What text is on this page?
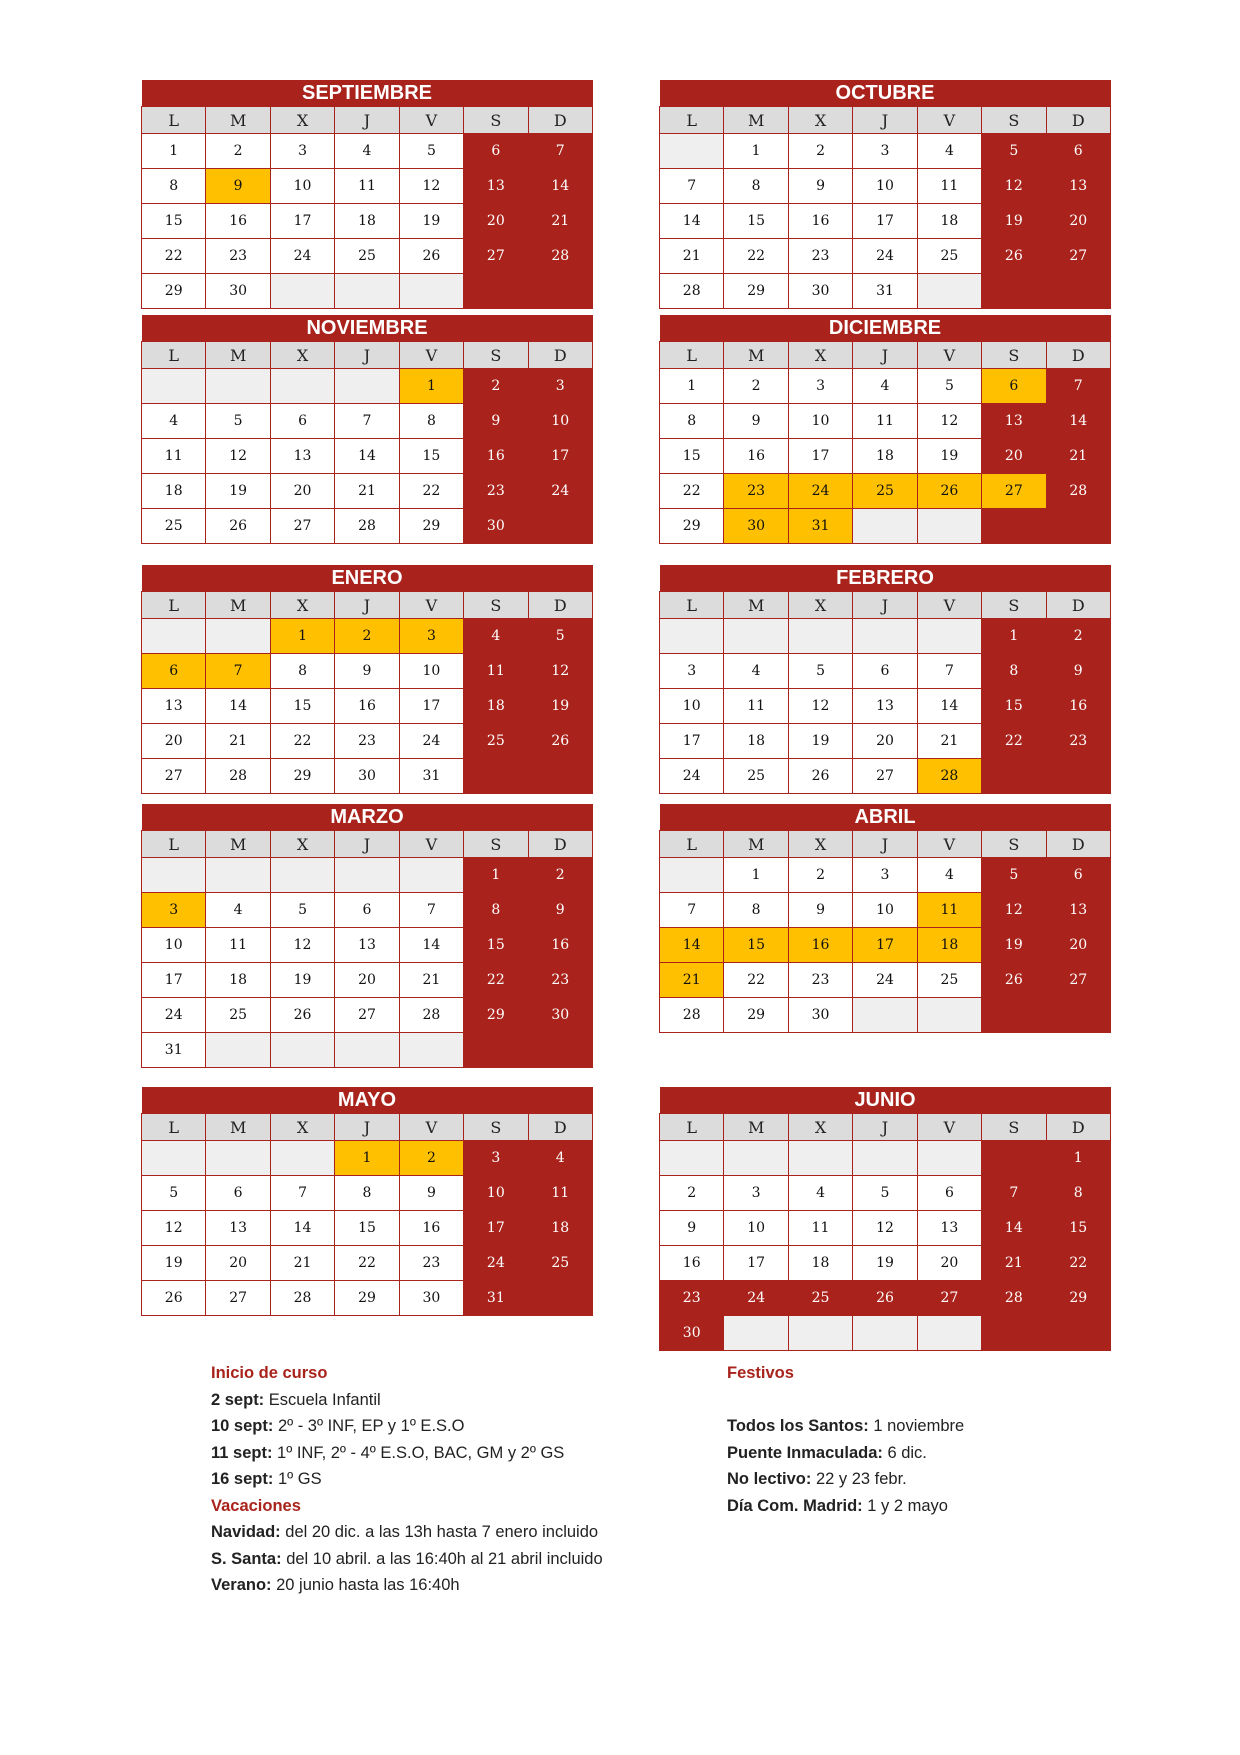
SEPTIEMBRE						
L	M	X	J	V	S	D
1	2	3	4	5	6	7
8	9	10	11	12	13	14
15	16	17	18	19	20	21
22	23	24	25	26	27	28
29	30					
OCTUBRE						
L	M	X	J	V	S	D
	1	2	3	4	5	6
7	8	9	10	11	12	13
14	15	16	17	18	19	20
21	22	23	24	25	26	27
28	29	30	31			
NOVIEMBRE						
L	M	X	J	V	S	D
				1	2	3
4	5	6	7	8	9	10
11	12	13	14	15	16	17
18	19	20	21	22	23	24
25	26	27	28	29	30	
DICIEMBRE						
L	M	X	J	V	S	D
1	2	3	4	5	6	7
8	9	10	11	12	13	14
15	16	17	18	19	20	21
22	23	24	25	26	27	28
29	30	31				
ENERO						
L	M	X	J	V	S	D
		1	2	3	4	5
6	7	8	9	10	11	12
13	14	15	16	17	18	19
20	21	22	23	24	25	26
27	28	29	30	31		
FEBRERO						
L	M	X	J	V	S	D
					1	2
3	4	5	6	7	8	9
10	11	12	13	14	15	16
17	18	19	20	21	22	23
24	25	26	27	28		
MARZO						
L	M	X	J	V	S	D
					1	2
3	4	5	6	7	8	9
10	11	12	13	14	15	16
17	18	19	20	21	22	23
24	25	26	27	28	29	30
31						
ABRIL						
L	M	X	J	V	S	D
	1	2	3	4	5	6
7	8	9	10	11	12	13
14	15	16	17	18	19	20
21	22	23	24	25	26	27
28	29	30				
MAYO						
L	M	X	J	V	S	D
			1	2	3	4
5	6	7	8	9	10	11
12	13	14	15	16	17	18
19	20	21	22	23	24	25
26	27	28	29	30	31	
JUNIO						
L	M	X	J	V	S	D
						1
2	3	4	5	6	7	8
9	10	11	12	13	14	15
16	17	18	19	20	21	22
23	24	25	26	27	28	29
30						
Inicio de curso
2 sept: Escuela Infantil
10 sept: 2º - 3º INF, EP y 1º E.S.O
11 sept: 1º INF, 2º - 4º E.S.O, BAC, GM y 2º GS
16 sept: 1º GS
Vacaciones
Navidad: del 20 dic. a las 13h hasta 7 enero incluido
S. Santa: del 10 abril. a las 16:40h al 21 abril incluido
Verano: 20 junio hasta las 16:40h
Festivos

Todos los Santos: 1 noviembre
Puente Inmaculada: 6 dic.
No lectivo: 22 y 23 febr.
Día Com. Madrid: 1 y 2 mayo
